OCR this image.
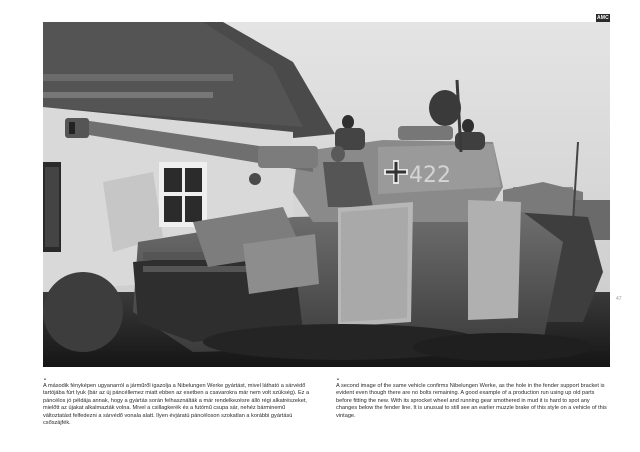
AMC
422
47
▲	▲

A második fényképen ugyanarról a járműről igazolja a Nibelungen Werke gyártást, mivel látható a sárvédő tartójába fúrt lyuk (bár az új páncéllemez miatt ebben az esetben a csavarokra már nem volt szükség). Ez a páncélos jó példája annak, hogy a gyártás során felhasználták a már rendelkezésre álló régi alkatrészeket, mielőtt az újakat alkalmazták volna. Mivel a csillagkerék és a futómű csupa sár, nehéz bárminemű változtatást felfedezni a sárvédő vonala alatt. Ilyen évjáratú páncéloson szokatlan a korábbi gyártású csőszájfék.

A second image of the same vehicle confirms Nibelungen Werke, as the hole in the fender support bracket is evident even though there are no bolts remaining. A good example of a production run using up old parts before fitting the new. With its sprocket wheel and running gear smothered in mud it is hard to spot any changes below the fender line. It is unusual to still see an earlier muzzle brake of this style on a vehicle of this vintage.
